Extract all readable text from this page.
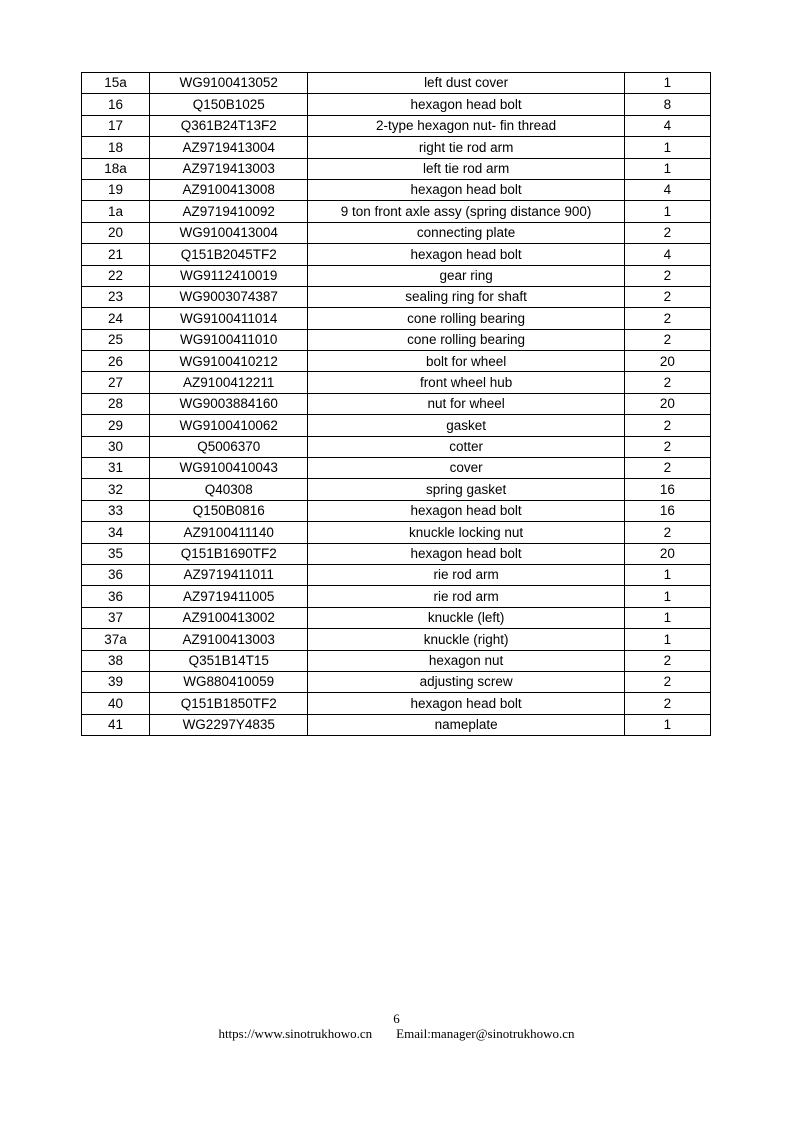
15a	WG9100413052	left dust cover	1
16	Q150B1025	hexagon head bolt	8
17	Q361B24T13F2	2-type hexagon nut- fin thread	4
18	AZ9719413004	right tie rod arm	1
18a	AZ9719413003	left tie rod arm	1
19	AZ9100413008	hexagon head bolt	4
1a	AZ9719410092	9 ton front axle assy (spring distance 900)	1
20	WG9100413004	connecting plate	2
21	Q151B2045TF2	hexagon head bolt	4
22	WG9112410019	gear ring	2
23	WG9003074387	sealing ring for shaft	2
24	WG9100411014	cone rolling bearing	2
25	WG9100411010	cone rolling bearing	2
26	WG9100410212	bolt for wheel	20
27	AZ9100412211	front wheel hub	2
28	WG9003884160	nut for wheel	20
29	WG9100410062	gasket	2
30	Q5006370	cotter	2
31	WG9100410043	cover	2
32	Q40308	spring gasket	16
33	Q150B0816	hexagon head bolt	16
34	AZ9100411140	knuckle locking nut	2
35	Q151B1690TF2	hexagon head bolt	20
36	AZ9719411011	rie rod arm	1
36	AZ9719411005	rie rod arm	1
37	AZ9100413002	knuckle (left)	1
37a	AZ9100413003	knuckle (right)	1
38	Q351B14T15	hexagon nut	2
39	WG880410059	adjusting screw	2
40	Q151B1850TF2	hexagon head bolt	2
41	WG2297Y4835	nameplate	1
6
https://www.sinotrukhowo.cn Email:manager@sinotrukhowo.cn
